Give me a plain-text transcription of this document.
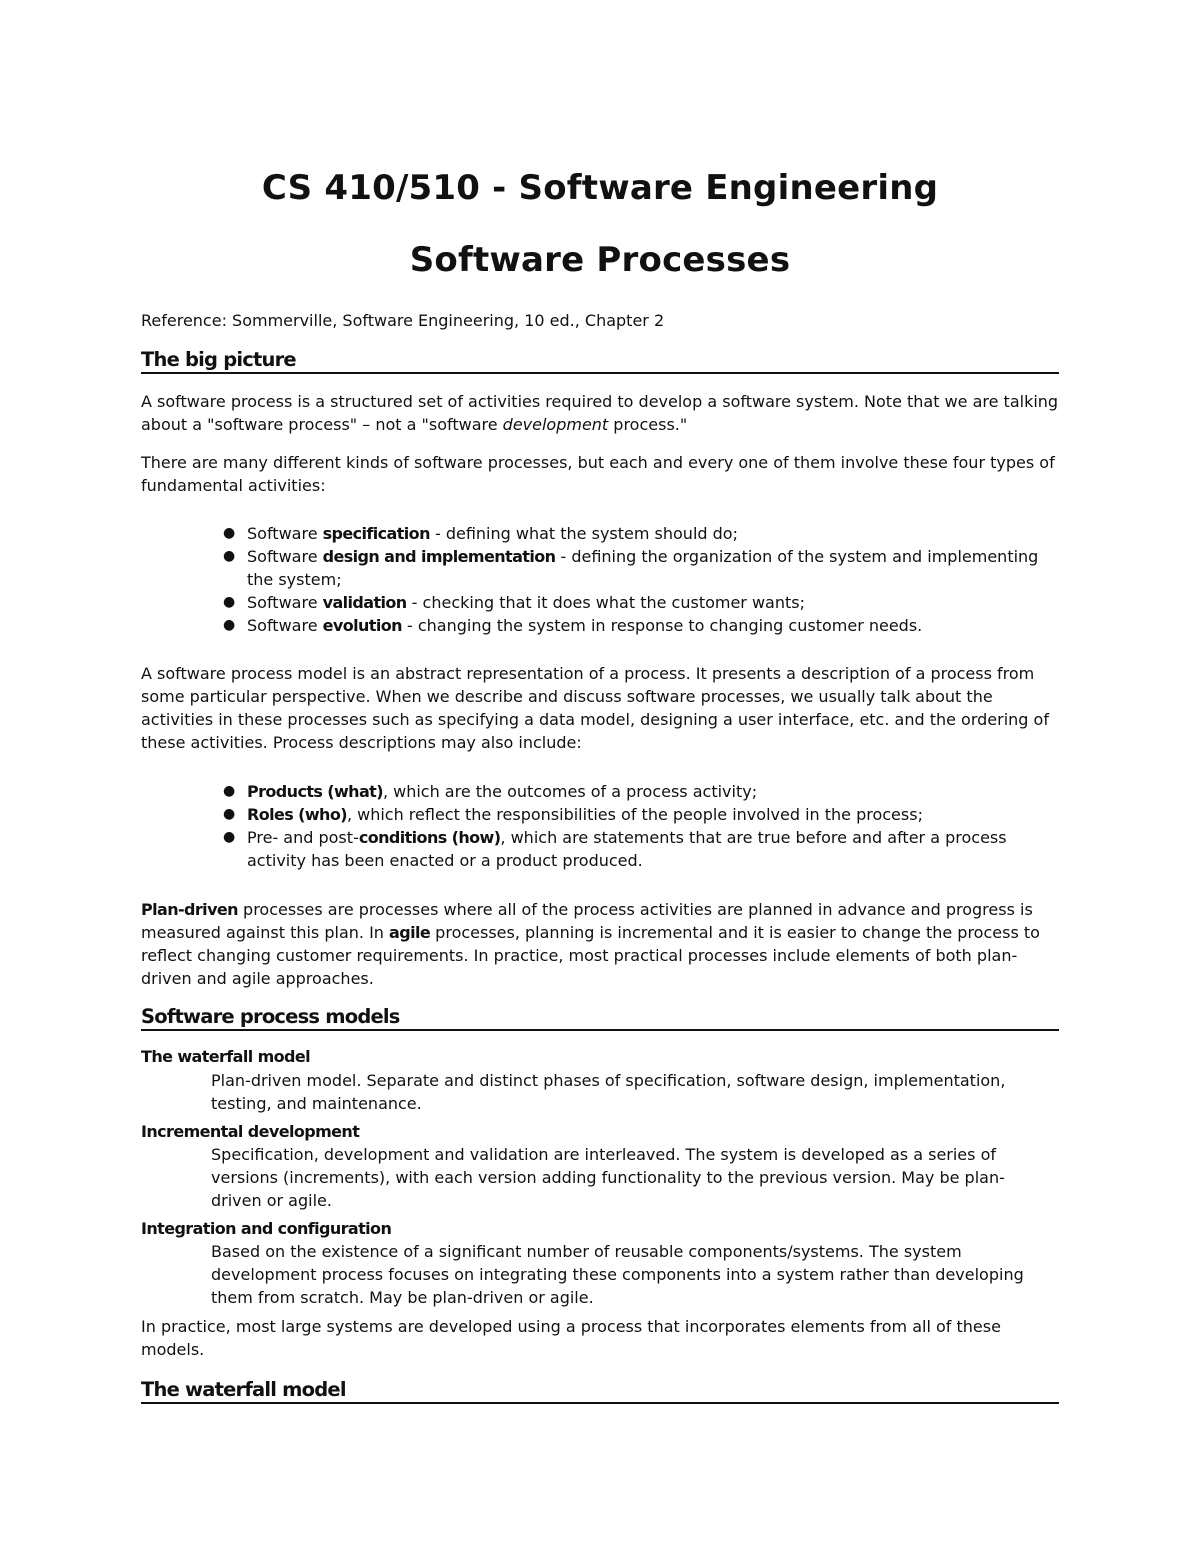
CS 410/510 - Software Engineering
Software Processes
Reference: Sommerville, Software Engineering, 10 ed., Chapter 2
The big picture

A software process is a structured set of activities required to develop a software system. Note that we are talking about a "software process" – not a "software development process."

There are many different kinds of software processes, but each and every one of them involve these four types of fundamental activities:

● Software specification - defining what the system should do;
● Software design and implementation - defining the organization of the system and implementing the system;
● Software validation - checking that it does what the customer wants;
● Software evolution - changing the system in response to changing customer needs.

A software process model is an abstract representation of a process. It presents a description of a process from some particular perspective. When we describe and discuss software processes, we usually talk about the activities in these processes such as specifying a data model, designing a user interface, etc. and the ordering of these activities. Process descriptions may also include:

● Products (what), which are the outcomes of a process activity;
● Roles (who), which reflect the responsibilities of the people involved in the process;
● Pre- and post-conditions (how), which are statements that are true before and after a process activity has been enacted or a product produced.

Plan-driven processes are processes where all of the process activities are planned in advance and progress is measured against this plan. In agile processes, planning is incremental and it is easier to change the process to reflect changing customer requirements. In practice, most practical processes include elements of both plan-driven and agile approaches.

Software process models
The waterfall model
Plan-driven model. Separate and distinct phases of specification, software design, implementation, testing, and maintenance.
Incremental development
Specification, development and validation are interleaved. The system is developed as a series of versions (increments), with each version adding functionality to the previous version. May be plan-driven or agile.
Integration and configuration
Based on the existence of a significant number of reusable components/systems. The system development process focuses on integrating these components into a system rather than developing them from scratch. May be plan-driven or agile.

In practice, most large systems are developed using a process that incorporates elements from all of these models.

The waterfall model
